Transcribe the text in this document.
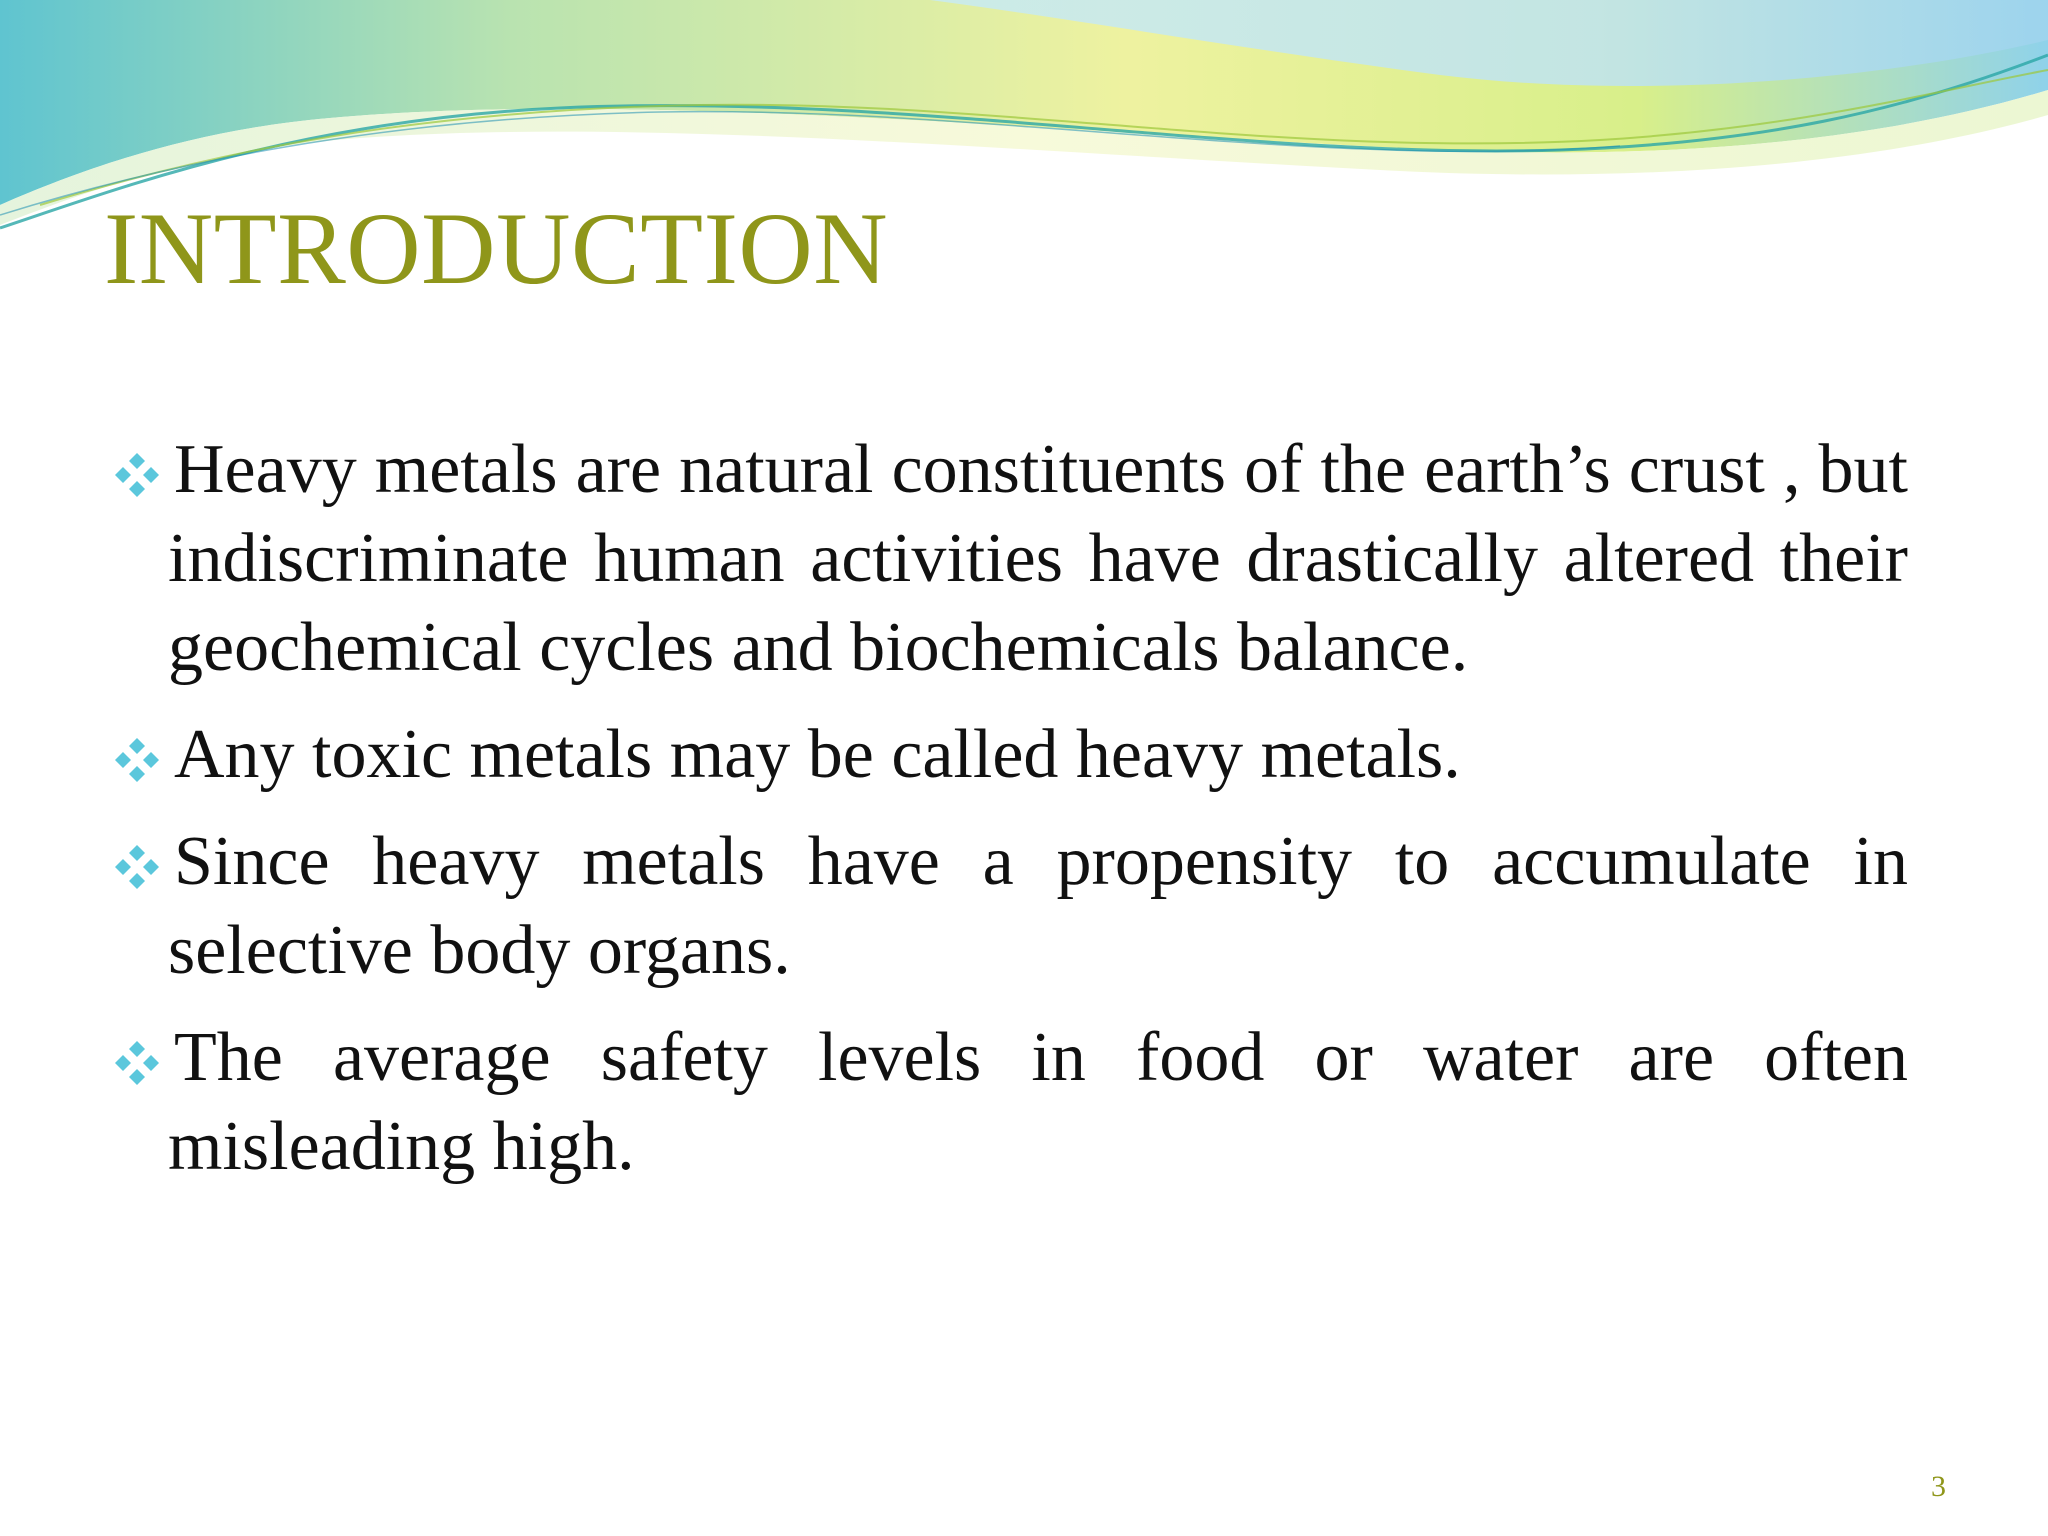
INTRODUCTION
Heavy metals are natural constituents of the earth’s crust , but indiscriminate human activities have drastically altered their geochemical cycles and biochemicals balance.
Any toxic metals may be called heavy metals.
Since heavy metals have a propensity to accumulate in selective body organs.
The average safety levels in food or water are often misleading high.
3
